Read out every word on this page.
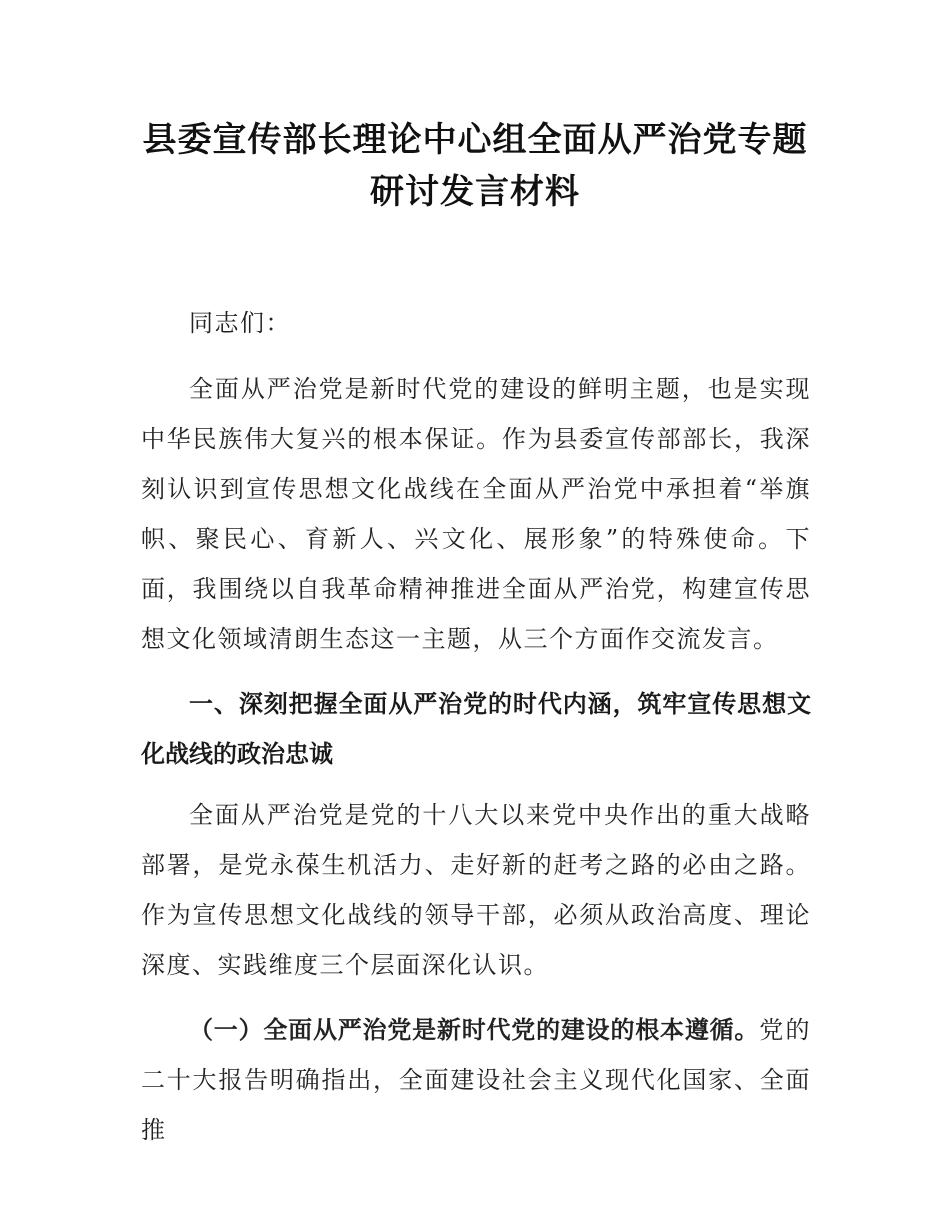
县委宣传部长理论中心组全面从严治党专题
研讨发言材料

同志们：

全面从严治党是新时代党的建设的鲜明主题，也是实现中华民族伟大复兴的根本保证。作为县委宣传部部长，我深刻认识到宣传思想文化战线在全面从严治党中承担着“举旗帜、聚民心、育新人、兴文化、展形象”的特殊使命。下面，我围绕以自我革命精神推进全面从严治党，构建宣传思想文化领域清朗生态这一主题，从三个方面作交流发言。

一、深刻把握全面从严治党的时代内涵，筑牢宣传思想文化战线的政治忠诚

全面从严治党是党的十八大以来党中央作出的重大战略部署，是党永葆生机活力、走好新的赶考之路的必由之路。作为宣传思想文化战线的领导干部，必须从政治高度、理论深度、实践维度三个层面深化认识。

（一）全面从严治党是新时代党的建设的根本遵循。党的二十大报告明确指出，全面建设社会主义现代化国家、全面推
